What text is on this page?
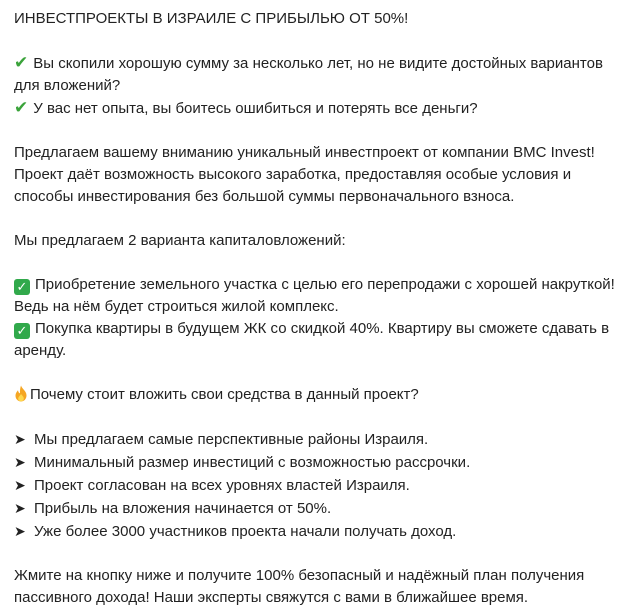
ИНВЕСТПРОЕКТЫ В ИЗРАИЛЕ С ПРИБЫЛЬЮ ОТ 50%!

✔ Вы скопили хорошую сумму за несколько лет, но не видите достойных вариантов для вложений?

✔ У вас нет опыта, вы боитесь ошибиться и потерять все деньги?

Предлагаем вашему вниманию уникальный инвестпроект от компании BMC Invest! Проект даёт возможность высокого заработка, предоставляя особые условия и способы инвестирования без большой суммы первоначального взноса.

Мы предлагаем 2 варианта капиталовложений:

✓ Приобретение земельного участка с целью его перепродажи с хорошей накруткой! Ведь на нём будет строиться жилой комплекс.

✓ Покупка квартиры в будущем ЖК со скидкой 40%. Квартиру вы сможете сдавать в аренду.

Почему стоит вложить свои средства в данный проект?

➤ Мы предлагаем самые перспективные районы Израиля.

➤ Минимальный размер инвестиций с возможностью рассрочки.

➤ Проект согласован на всех уровнях властей Израиля.

➤ Прибыль на вложения начинается от 50%.

➤ Уже более 3000 участников проекта начали получать доход.

Жмите на кнопку ниже и получите 100% безопасный и надёжный план получения пассивного дохода! Наши эксперты свяжутся с вами в ближайшее время.
